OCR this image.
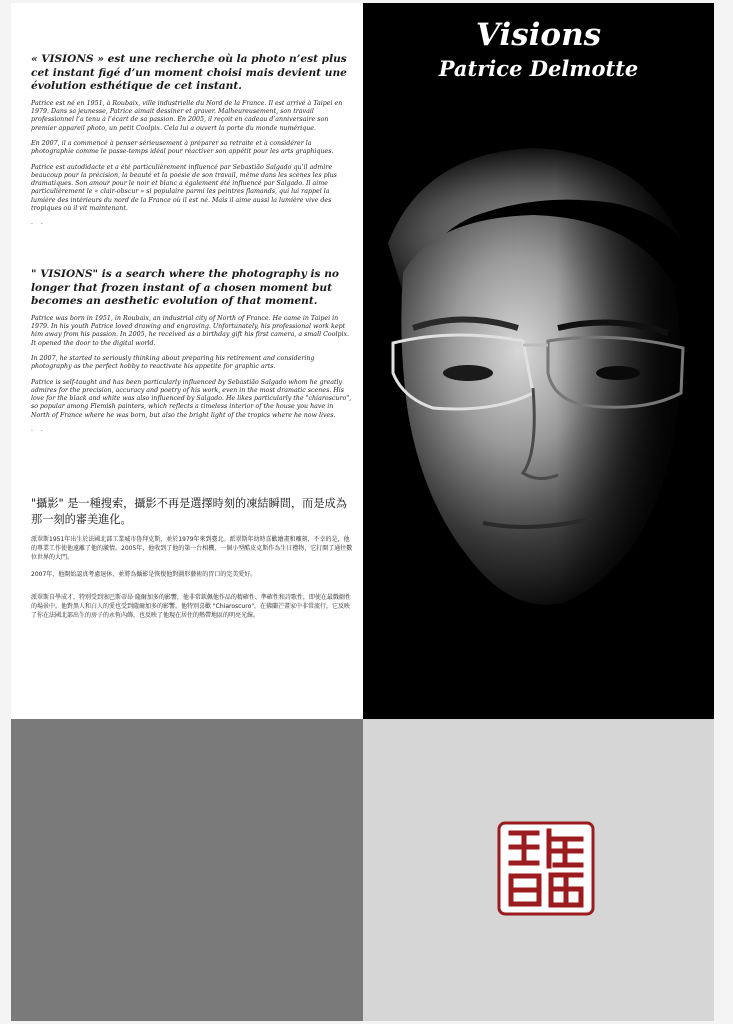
« VISIONS » est une recherche où la photo n’est plus cet instant figé d’un moment choisi mais devient une évolution esthétique de cet instant.

Patrice est né en 1951, à Roubaix, ville industrielle du Nord de la France. Il est arrivé à Taipei en 1979. Dans sa jeunesse, Patrice aimait dessiner et graver. Malheureusement, son travail professionnel l’a tenu à l’écart de sa passion. En 2005, il reçoit en cadeau d’anniversaire son premier appareil photo, un petit Coolpix. Cela lui a ouvert la porte du monde numérique.

En 2007, il a commencé à penser sérieusement à préparer sa retraite et à considérer la photographie comme le passe-temps idéal pour réactiver son appétit pour les arts graphiques.

Patrice est autodidacte et a été particulièrement influencé par Sebastião Salgado qu’il admire beaucoup pour la précision, la beauté et la poésie de son travail, même dans les scènes les plus dramatiques. Son amour pour le noir et blanc a également été influencé par Salgado. Il aime particulièrement le « clair-obscur » si populaire parmi les peintres flamands, qui lui rappel la lumière des intérieurs du nord de la France où il est né. Mais il aime aussi la lumière vive des tropiques où il vit maintenant.

. .

" VISIONS" is a search where the photography is no longer that frozen instant of a chosen moment but becomes an aesthetic evolution of that moment.

Patrice was born in 1951, in Roubaix, an industrial city of North of France. He came in Taipei in 1979. In his youth Patrice loved drawing and engraving. Unfortunately, his professional work kept him away from his passion. In 2005, he received as a birthday gift his first camera, a small Coolpix. It opened the door to the digital world.

In 2007, he started to seriously thinking about preparing his retirement and considering photography as the perfect hobby to reactivate his appetite for graphic arts.

Patrice is self-taught and has been particularly influenced by Sebastião Salgado whom he greatly admires for the precision, accuracy and poetry of his work, even in the most dramatic scenes. His love for the black and white was also influenced by Salgado. He likes particularly the "chiaroscuro", so popular among Flemish painters, which reflects a timeless interior of the house you have in North of France where he was born, but also the bright light of the tropics where he now lives.

. .

"攝影" 是一種搜索，攝影不再是選擇時刻的凍結瞬間，而是成為那一刻的審美進化。

派翠斯1951年出生於法國北部工業城市魯拜克斯，並於1979年來到臺北。派翠斯年幼時喜歡繪畫和雕刻，不幸的是，他的專業工作使他遠離了他的激情。2005年，他收到了他的第一台相機，一個小型酷皮克斯作為生日禮物，它打開了通往數位世界的大門。

2007年，他開始認真考慮退休，並將為攝影是恢復他對圖形藝術的胃口的完美愛好。

派翠斯自學成才，特別受到塞巴斯蒂昂·薩爾加多的影響，他非常欽佩他作品的精確性、準確性和詩歌性，即使在最戲劇性的場景中。他對黑人和白人的愛也受到薩爾加多的影響。他特別喜歡 "Chiaroscuro"，在佛蘭芒畫家中非常流行，它反映了你在法國北部出生的房子的永恆內飾，也反映了他現在居住的熱帶地區的明亮光線。

Visions
Patrice Delmotte
